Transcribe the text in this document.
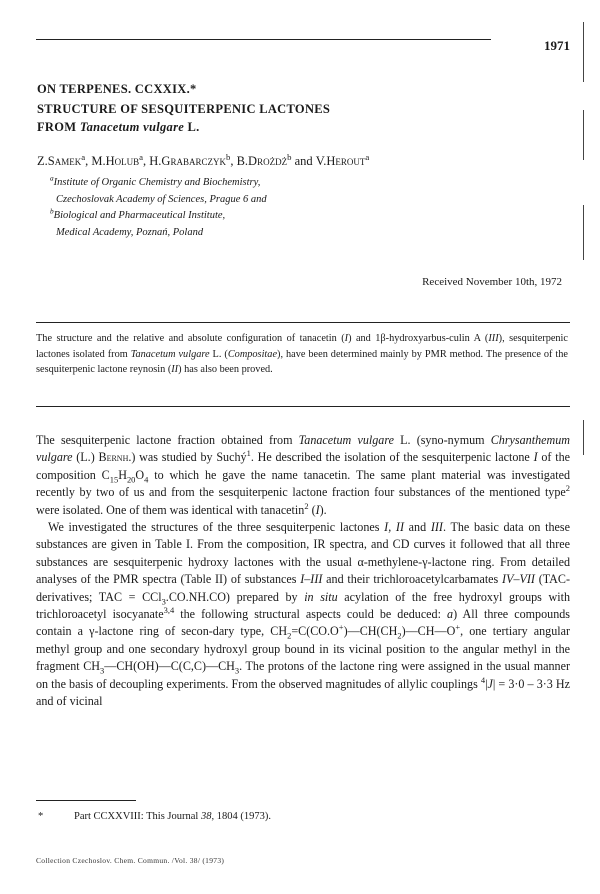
1971
ON TERPENES. CCXXIX.*
STRUCTURE OF SESQUITERPENIC LACTONES
FROM Tanacetum vulgare L.
Z.Samek$^a$, M.Holub$^a$, H.Grabarczyk$^b$, B.Drożdż$^b$ and V.Herout$^a$
$^a$Institute of Organic Chemistry and Biochemistry,
Czechoslovak Academy of Sciences, Prague 6 and
$^b$Biological and Pharmaceutical Institute,
Medical Academy, Poznań, Poland
Received November 10th, 1972
The structure and the relative and absolute configuration of tanacetin (I) and 1β-hydroxyarbus-culin A (III), sesquiterpenic lactones isolated from Tanacetum vulgare L. (Compositae), have been determined mainly by PMR method. The presence of the sesquiterpenic lactone reynosin (II) has also been proved.

The sesquiterpenic lactone fraction obtained from Tanacetum vulgare L. (syno-nymum Chrysanthemum vulgare (L.) Bernh.) was studied by Suchý$^1$. He described the isolation of the sesquiterpenic lactone I of the composition $C_{15}H_{20}O_4$ to which he gave the name tanacetin. The same plant material was investigated recently by two of us and from the sesquiterpenic lactone fraction four substances of the mentioned type$^2$ were isolated. One of them was identical with tanacetin$^2$ (I).

We investigated the structures of the three sesquiterpenic lactones I, II and III. The basic data on these substances are given in Table I. From the composition, IR spectra, and CD curves it followed that all three substances are sesquiterpenic hydroxy lactones with the usual α-methylene-γ-lactone ring. From detailed analyses of the PMR spectra (Table II) of substances I–III and their trichloroacetylcarbamates IV–VII (TAC-derivatives; TAC = CCl$_3$.CO.NH.CO) prepared by in situ acylation of the free hydroxyl groups with trichloroacetyl isocyanate$^{3,4}$ the following structural aspects could be deduced: a) All three compounds contain a γ-lactone ring of secon-dary type, $CH_2=C(CO.O^+)—CH(CH_2)—CH—O^+$, one tertiary angular methyl group and one secondary hydroxyl group bound in its vicinal position to the angular methyl in the fragment $CH_3—CH(OH)—C(C,C)—CH_3$. The protons of the lactone ring were assigned in the usual manner on the basis of decoupling experiments. From the observed magnitudes of allylic couplings $^4$|J| = 3·0 – 3·3 Hz and of vicinal

*	Part CCXXVIII: This Journal 38, 1804 (1973).
Collection Czechoslov. Chem. Commun. /Vol. 38/ (1973)
